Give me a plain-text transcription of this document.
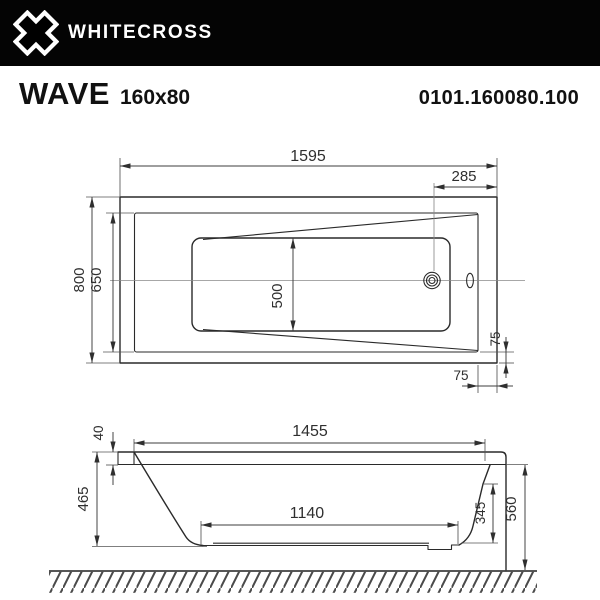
WHITECROSS
WAVE 160x80	0101.160080.100
1595
285
800 650
500
75
75
1455
40
465
1140	345 560
